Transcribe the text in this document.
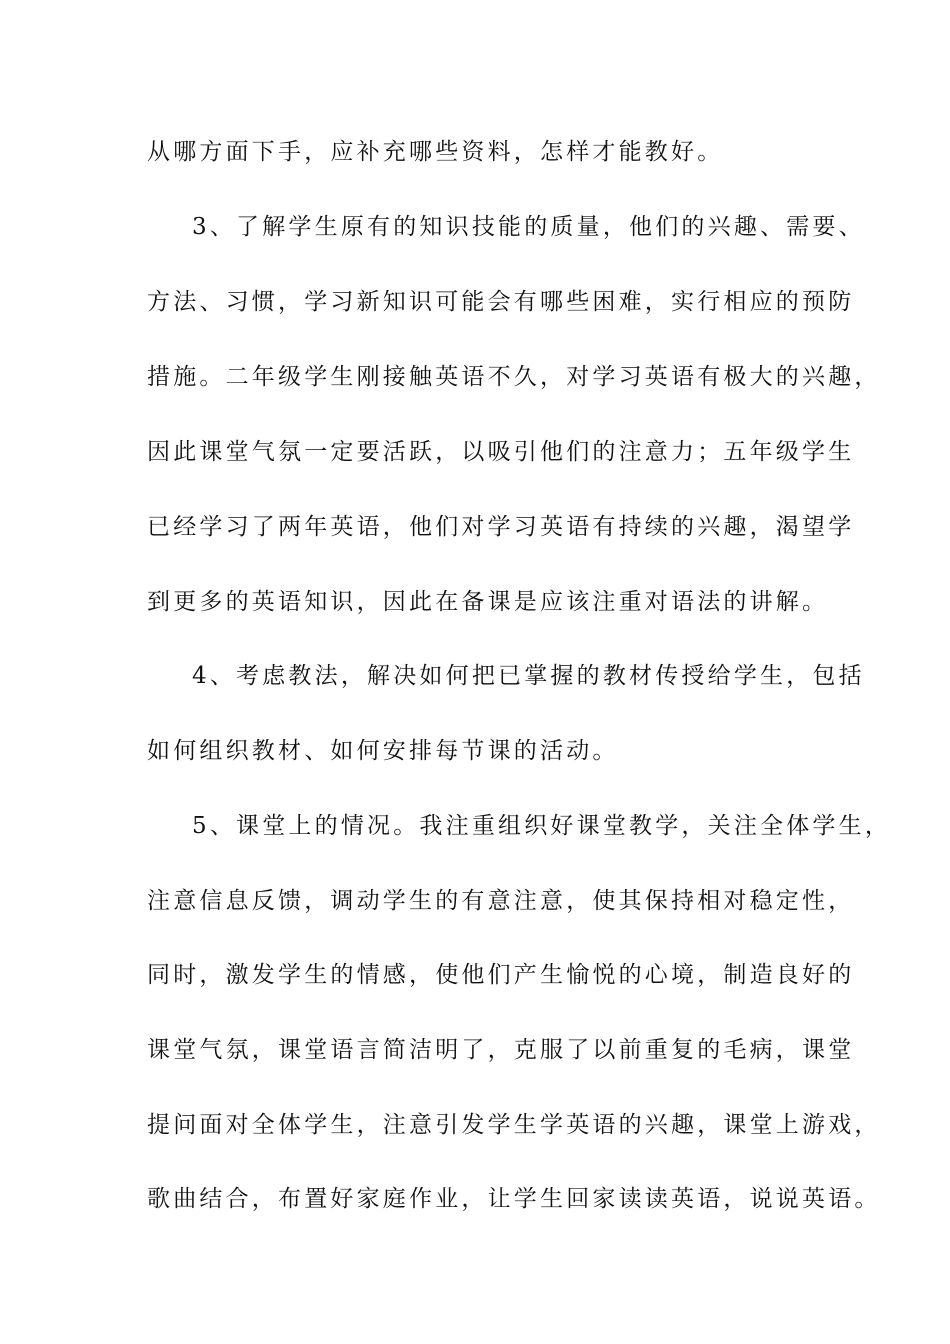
从哪方面下手，应补充哪些资料，怎样才能教好。
3、了解学生原有的知识技能的质量，他们的兴趣、需要、
方法、习惯，学习新知识可能会有哪些困难，实行相应的预防
措施。二年级学生刚接触英语不久，对学习英语有极大的兴趣，
因此课堂气氛一定要活跃，以吸引他们的注意力；五年级学生
已经学习了两年英语，他们对学习英语有持续的兴趣，渴望学
到更多的英语知识，因此在备课是应该注重对语法的讲解。
4、考虑教法，解决如何把已掌握的教材传授给学生，包括
如何组织教材、如何安排每节课的活动。
5、课堂上的情况。我注重组织好课堂教学，关注全体学生，
注意信息反馈，调动学生的有意注意，使其保持相对稳定性，
同时，激发学生的情感，使他们产生愉悦的心境，制造良好的
课堂气氛，课堂语言简洁明了，克服了以前重复的毛病，课堂
提问面对全体学生，注意引发学生学英语的兴趣，课堂上游戏，
歌曲结合，布置好家庭作业，让学生回家读读英语，说说英语。
